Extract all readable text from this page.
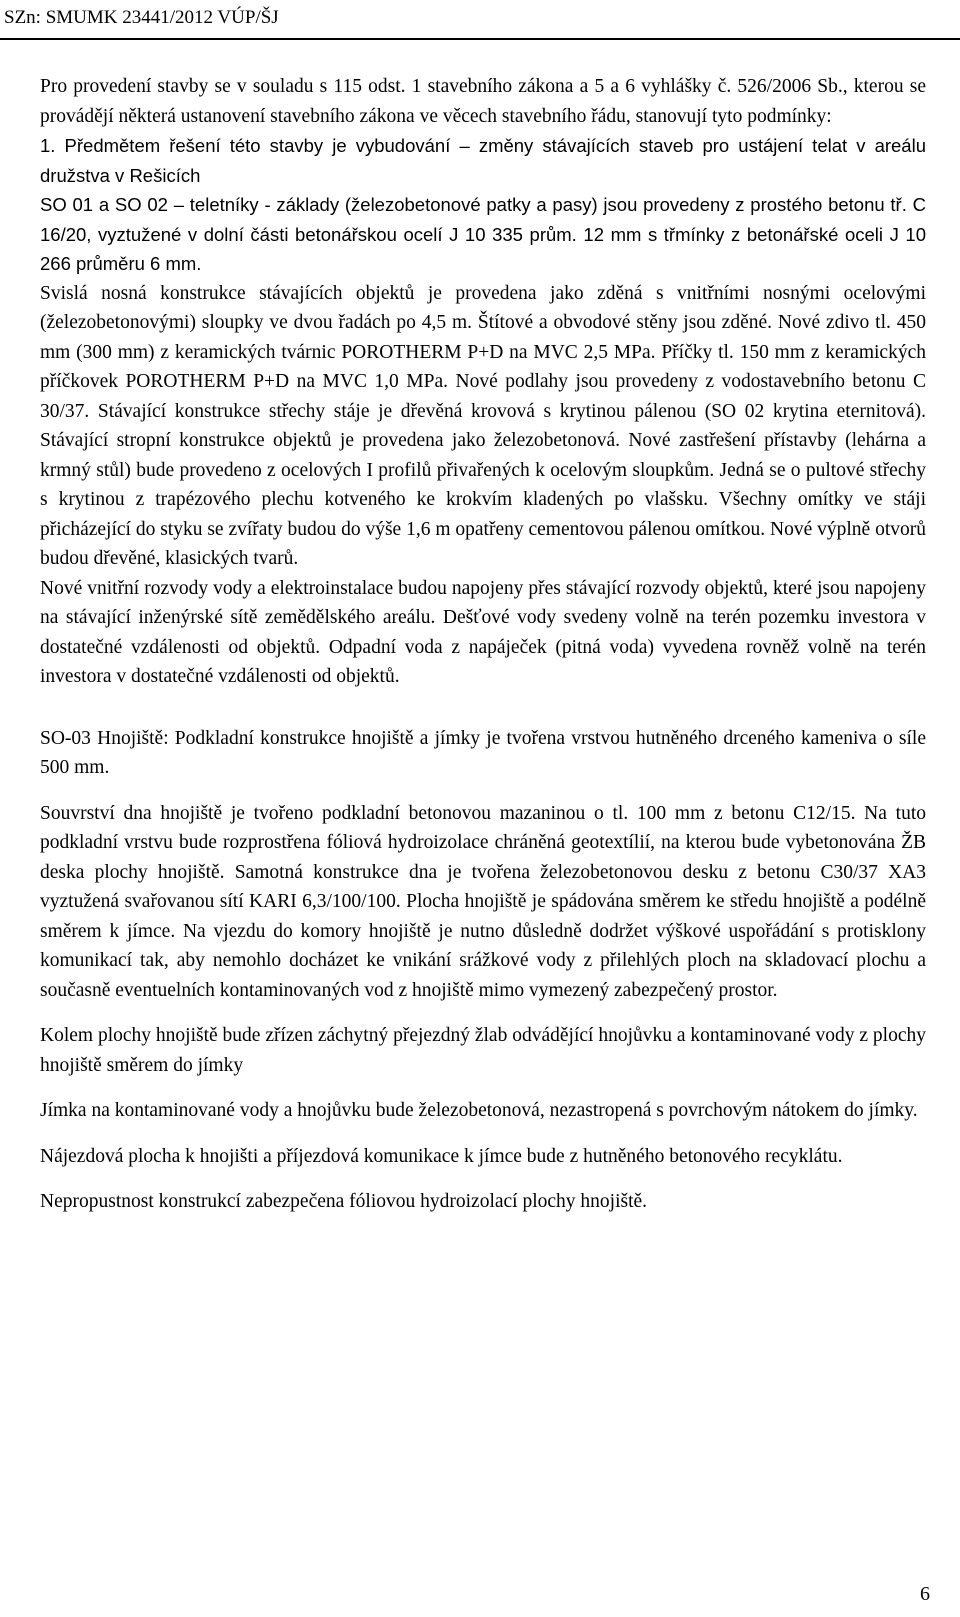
SZn: SMUMK 23441/2012 VÚP/ŠJ

Pro provedení stavby se v souladu s 115 odst. 1 stavebního zákona a 5 a 6 vyhlášky č. 526/2006 Sb., kterou se provádějí některá ustanovení stavebního zákona ve věcech stavebního řádu, stanovují tyto podmínky:

1. Předmětem řešení této stavby je vybudování – změny stávajících staveb pro ustájení telat v areálu družstva v Rešicích

SO 01 a SO 02 – teletníky - základy (železobetonové patky a pasy) jsou provedeny z prostého betonu tř. C 16/20, vyztužené v dolní části betonářskou ocelí J 10 335 prům. 12 mm s třmínky z betonářské oceli J 10 266 průměru 6 mm.

Svislá nosná konstrukce stávajících objektů je provedena jako zděná s vnitřními nosnými ocelovými (železobetonovými) sloupky ve dvou řadách po 4,5 m. Štítové a obvodové stěny jsou zděné. Nové zdivo tl. 450 mm (300 mm) z keramických tvárnic POROTHERM P+D na MVC 2,5 MPa. Příčky tl. 150 mm z keramických příčkovek POROTHERM P+D na MVC 1,0 MPa. Nové podlahy jsou provedeny z vodostavebního betonu C 30/37. Stávající konstrukce střechy stáje je dřevěná krovová s krytinou pálenou (SO 02 krytina eternitová). Stávající stropní konstrukce objektů je provedena jako železobetonová. Nové zastřešení přístavby (lehárna a krmný stůl) bude provedeno z ocelových I profilů přivařených k ocelovým sloupkům. Jedná se o pultové střechy s krytinou z trapézového plechu kotveného ke krokvím kladených po vlašsku. Všechny omítky ve stáji přicházející do styku se zvířaty budou do výše 1,6 m opatřeny cementovou pálenou omítkou. Nové výplně otvorů budou dřevěné, klasických tvarů.

Nové vnitřní rozvody vody a elektroinstalace budou napojeny přes stávající rozvody objektů, které jsou napojeny na stávající inženýrské sítě zemědělského areálu. Dešťové vody svedeny volně na terén pozemku investora v dostatečné vzdálenosti od objektů. Odpadní voda z napáječek (pitná voda) vyvedena rovněž volně na terén investora v dostatečné vzdálenosti od objektů.

SO-03 Hnojiště: Podkladní konstrukce hnojiště a jímky je tvořena vrstvou hutněného drceného kameniva o síle 500 mm.

Souvrství dna hnojiště je tvořeno podkladní betonovou mazaninou o tl. 100 mm z betonu C12/15. Na tuto podkladní vrstvu bude rozprostřena fóliová hydroizolace chráněná geotextílií, na kterou bude vybetonována ŽB deska plochy hnojiště. Samotná konstrukce dna je tvořena železobetonovou desku z betonu C30/37 XA3 vyztužená svařovanou sítí KARI 6,3/100/100. Plocha hnojiště je spádována směrem ke středu hnojiště a podélně směrem k jímce. Na vjezdu do komory hnojiště je nutno důsledně dodržet výškové uspořádání s protisklony komunikací tak, aby nemohlo docházet ke vnikání srážkové vody z přilehlých ploch na skladovací plochu a současně eventuelních kontaminovaných vod z hnojiště mimo vymezený zabezpečený prostor.

Kolem plochy hnojiště bude zřízen záchytný přejezdný žlab odvádějící hnojůvku a kontaminované vody z plochy hnojiště směrem do jímky

Jímka na kontaminované vody a hnojůvku bude železobetonová, nezastropená s povrchovým nátokem do jímky.

Nájezdová plocha k hnojišti a příjezdová komunikace k jímce bude z hutněného betonového recyklátu.

Nepropustnost konstrukcí zabezpečena fóliovou hydroizolací plochy hnojiště.

6
